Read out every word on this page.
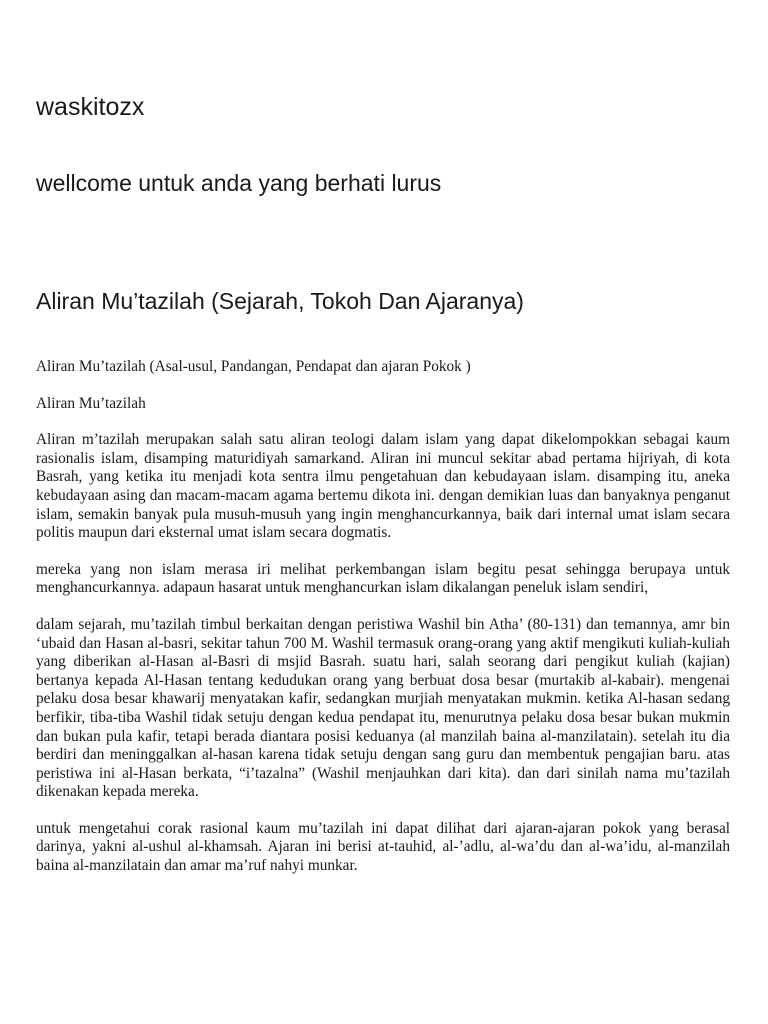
waskitozx
wellcome untuk anda yang berhati lurus
Aliran Mu’tazilah (Sejarah, Tokoh Dan Ajaranya)

Aliran Mu’tazilah (Asal-usul, Pandangan, Pendapat dan ajaran Pokok )

Aliran Mu’tazilah

Aliran m’tazilah merupakan salah satu aliran teologi dalam islam yang dapat dikelompokkan sebagai kaum rasionalis islam, disamping maturidiyah samarkand. Aliran ini muncul sekitar abad pertama hijriyah, di kota Basrah, yang ketika itu menjadi kota sentra ilmu pengetahuan dan kebudayaan islam. disamping itu, aneka kebudayaan asing dan macam-macam agama bertemu dikota ini. dengan demikian luas dan banyaknya penganut islam, semakin banyak pula musuh-musuh yang ingin menghancurkannya, baik dari internal umat islam secara politis maupun dari eksternal umat islam secara dogmatis.

mereka yang non islam merasa iri melihat perkembangan islam begitu pesat sehingga berupaya untuk menghancurkannya. adapaun hasarat untuk menghancurkan islam dikalangan peneluk islam sendiri,

dalam sejarah, mu’tazilah timbul berkaitan dengan peristiwa Washil bin Atha’ (80-131) dan temannya, amr bin ‘ubaid dan Hasan al-basri, sekitar tahun 700 M. Washil termasuk orang-orang yang aktif mengikuti kuliah-kuliah yang diberikan al-Hasan al-Basri di msjid Basrah. suatu hari, salah seorang dari pengikut kuliah (kajian) bertanya kepada Al-Hasan tentang kedudukan orang yang berbuat dosa besar (murtakib al-kabair). mengenai pelaku dosa besar khawarij menyatakan kafir, sedangkan murjiah menyatakan mukmin. ketika Al-hasan sedang berfikir, tiba-tiba Washil tidak setuju dengan kedua pendapat itu, menurutnya pelaku dosa besar bukan mukmin dan bukan pula kafir, tetapi berada diantara posisi keduanya (al manzilah baina al-manzilatain). setelah itu dia berdiri dan meninggalkan al-hasan karena tidak setuju dengan sang guru dan membentuk pengajian baru. atas peristiwa ini al-Hasan berkata, “i’tazalna” (Washil menjauhkan dari kita). dan dari sinilah nama mu’tazilah dikenakan kepada mereka.

untuk mengetahui corak rasional kaum mu’tazilah ini dapat dilihat dari ajaran-ajaran pokok yang berasal darinya, yakni al-ushul al-khamsah. Ajaran ini berisi at-tauhid, al-’adlu, al-wa’du dan al-wa’idu, al-manzilah baina al-manzilatain dan amar ma’ruf nahyi munkar.
